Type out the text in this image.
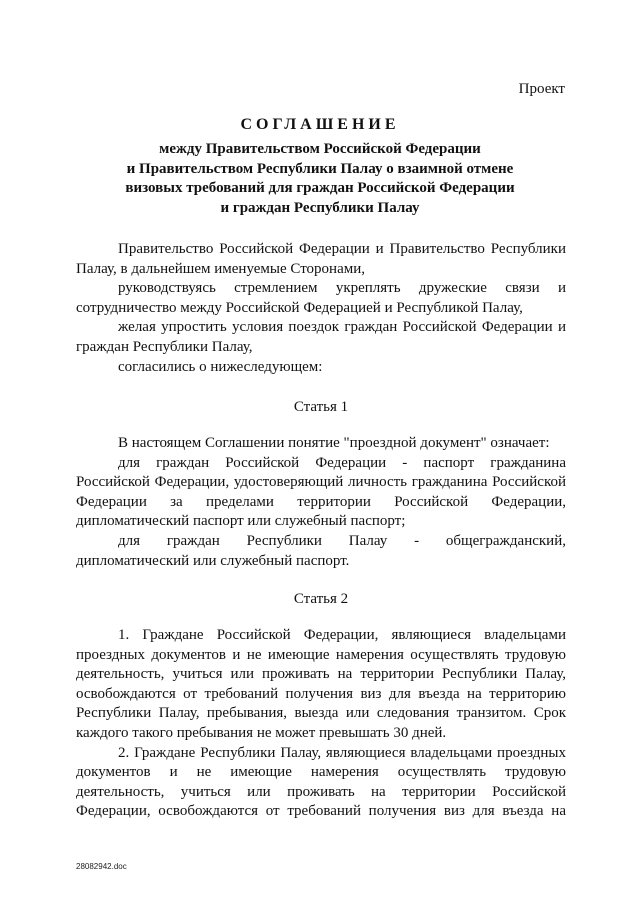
Проект
СОГЛАШЕНИЕ
между Правительством Российской Федерации
и Правительством Республики Палау о взаимной отмене
визовых требований для граждан Российской Федерации
и граждан Республики Палау
Правительство Российской Федерации и Правительство Республики Палау, в дальнейшем именуемые Сторонами,
руководствуясь стремлением укреплять дружеские связи и сотрудничество между Российской Федерацией и Республикой Палау,
желая упростить условия поездок граждан Российской Федерации и граждан Республики Палау,
согласились о нижеследующем:
Статья 1
В настоящем Соглашении понятие "проездной документ" означает:
для граждан Российской Федерации - паспорт гражданина Российской Федерации, удостоверяющий личность гражданина Российской Федерации за пределами территории Российской Федерации, дипломатический паспорт или служебный паспорт;
для граждан Республики Палау - общегражданский, дипломатический или служебный паспорт.
Статья 2
1. Граждане Российской Федерации, являющиеся владельцами проездных документов и не имеющие намерения осуществлять трудовую деятельность, учиться или проживать на территории Республики Палау, освобождаются от требований получения виз для въезда на территорию Республики Палау, пребывания, выезда или следования транзитом. Срок каждого такого пребывания не может превышать 30 дней.
2. Граждане Республики Палау, являющиеся владельцами проездных документов и не имеющие намерения осуществлять трудовую деятельность, учиться или проживать на территории Российской Федерации, освобождаются от требований получения виз для въезда на
28082942.doc
